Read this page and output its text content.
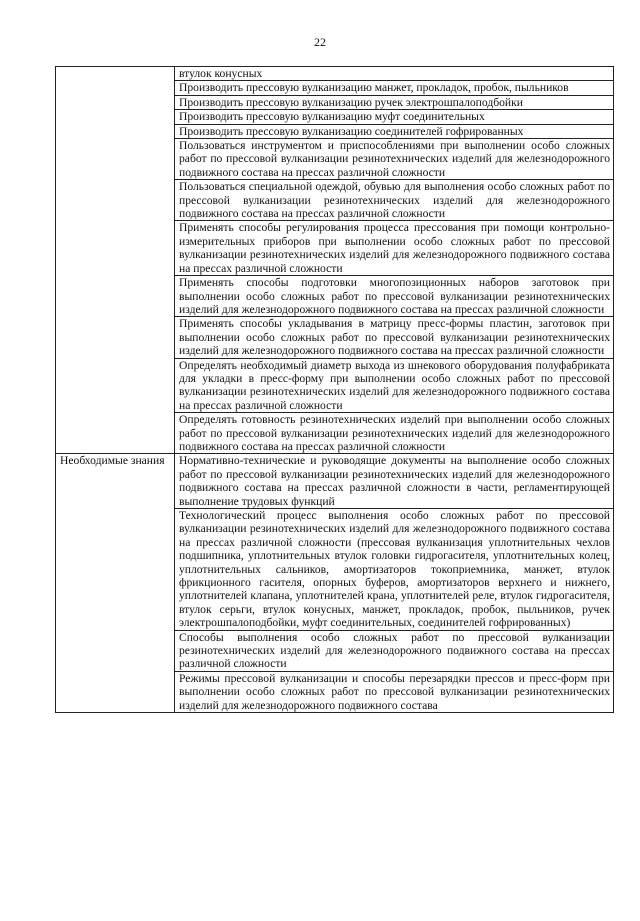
22
	втулок конусных
	Производить прессовую вулканизацию манжет, прокладок, пробок, пыльников
	Производить прессовую вулканизацию ручек электрошпалоподбойки
	Производить прессовую вулканизацию муфт соединительных
	Производить прессовую вулканизацию соединителей гофрированных
	Пользоваться инструментом и приспособлениями при выполнении особо сложных работ по прессовой вулканизации резинотехнических изделий для железнодорожного подвижного состава на прессах различной сложности
	Пользоваться специальной одеждой, обувью для выполнения особо сложных работ по прессовой вулканизации резинотехнических изделий для железнодорожного подвижного состава на прессах различной сложности
	Применять способы регулирования процесса прессования при помощи контрольно-измерительных приборов при выполнении особо сложных работ по прессовой вулканизации резинотехнических изделий для железнодорожного подвижного состава на прессах различной сложности
	Применять способы подготовки многопозиционных наборов заготовок при выполнении особо сложных работ по прессовой вулканизации резинотехнических изделий для железнодорожного подвижного состава на прессах различной сложности
	Применять способы укладывания в матрицу пресс-формы пластин, заготовок при выполнении особо сложных работ по прессовой вулканизации резинотехнических изделий для железнодорожного подвижного состава на прессах различной сложности
	Определять необходимый диаметр выхода из шнекового оборудования полуфабриката для укладки в пресс-форму при выполнении особо сложных работ по прессовой вулканизации резинотехнических изделий для железнодорожного подвижного состава на прессах различной сложности
	Определять готовность резинотехнических изделий при выполнении особо сложных работ по прессовой вулканизации резинотехнических изделий для железнодорожного подвижного состава на прессах различной сложности
Необходимые знания	Нормативно-технические и руководящие документы на выполнение особо сложных работ по прессовой вулканизации резинотехнических изделий для железнодорожного подвижного состава на прессах различной сложности в части, регламентирующей выполнение трудовых функций
	Технологический процесс выполнения особо сложных работ по прессовой вулканизации резинотехнических изделий для железнодорожного подвижного состава на прессах различной сложности (прессовая вулканизация уплотнительных чехлов подшипника, уплотнительных втулок головки гидрогасителя, уплотнительных колец, уплотнительных сальников, амортизаторов токоприемника, манжет, втулок фрикционного гасителя, опорных буферов, амортизаторов верхнего и нижнего, уплотнителей клапана, уплотнителей крана, уплотнителей реле, втулок гидрогасителя, втулок серьги, втулок конусных, манжет, прокладок, пробок, пыльников, ручек электрошпалоподбойки, муфт соединительных, соединителей гофрированных)
	Способы выполнения особо сложных работ по прессовой вулканизации резинотехнических изделий для железнодорожного подвижного состава на прессах различной сложности
	Режимы прессовой вулканизации и способы перезарядки прессов и пресс-форм при выполнении особо сложных работ по прессовой вулканизации резинотехнических изделий для железнодорожного подвижного состава
